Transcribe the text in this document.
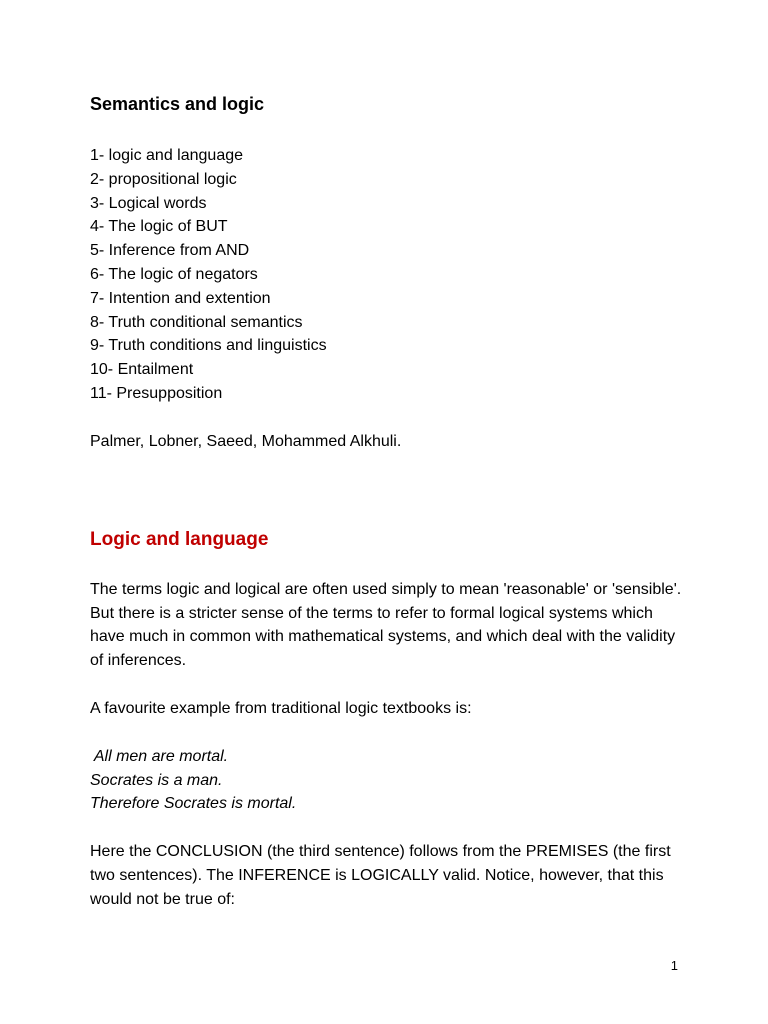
Semantics and logic
1- logic and language
2- propositional logic
3- Logical words
4- The logic of BUT
5- Inference from AND
6- The logic of negators
7- Intention and extention
8- Truth conditional semantics
9- Truth conditions and linguistics
10- Entailment
11- Presupposition

Palmer, Lobner, Saeed, Mohammed Alkhuli.

Logic and language

The terms logic and logical are often used simply to mean 'reasonable' or 'sensible'. But there is a stricter sense of the terms to refer to formal logical systems which have much in common with mathematical systems, and which deal with the validity of inferences.

A favourite example from traditional logic textbooks is:

All men are mortal.
Socrates is a man.
Therefore Socrates is mortal.

Here the CONCLUSION (the third sentence) follows from the PREMISES (the first two sentences). The INFERENCE is LOGICALLY valid. Notice, however, that this would not be true of:

1
